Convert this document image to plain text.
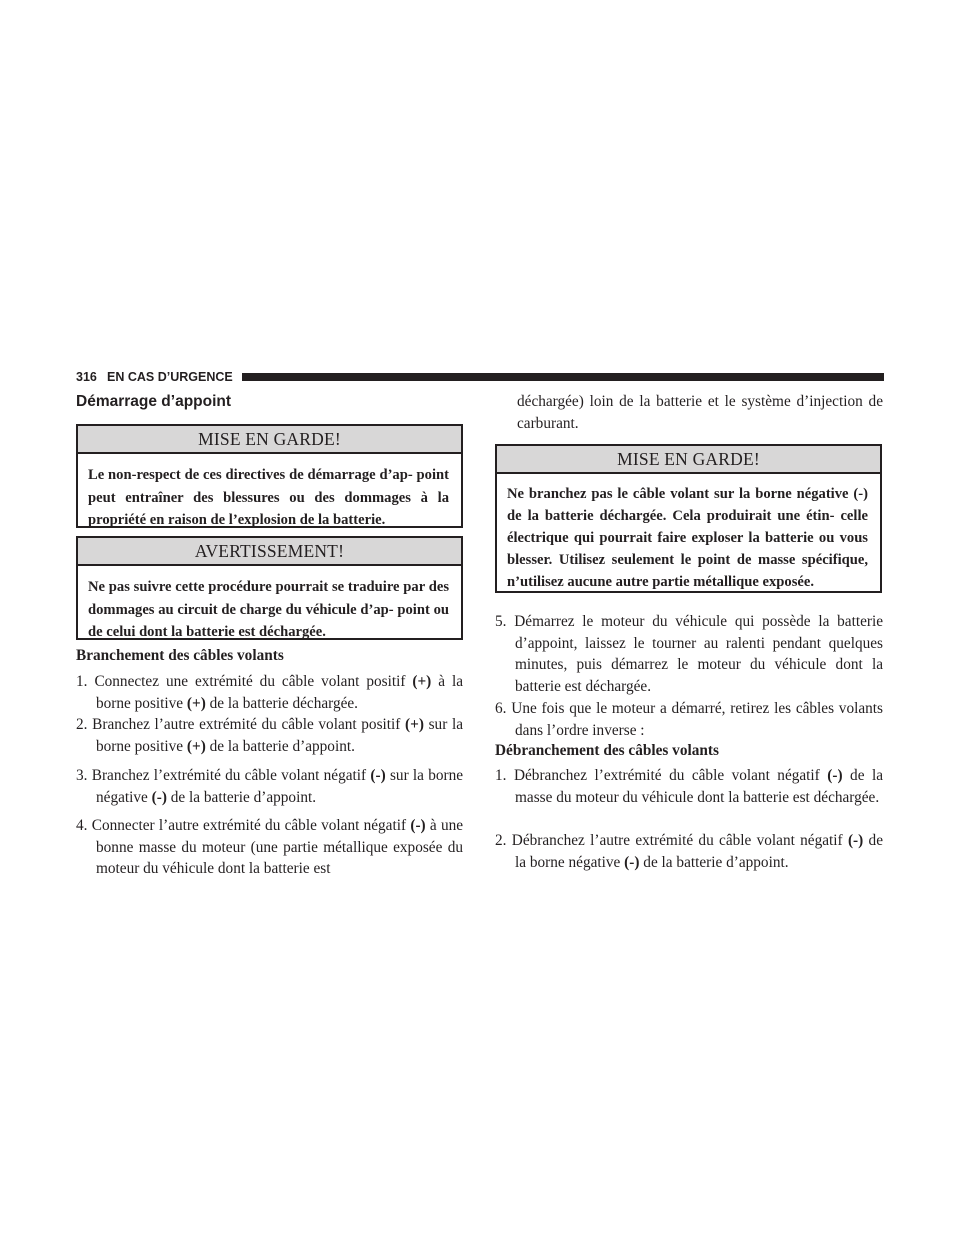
316 EN CAS D’URGENCE
Démarrage d’appoint
MISE EN GARDE!
Le non-respect de ces directives de démarrage d’ap- point peut entraîner des blessures ou des dommages à la propriété en raison de l’explosion de la batterie.
AVERTISSEMENT!
Ne pas suivre cette procédure pourrait se traduire par des dommages au circuit de charge du véhicule d’ap- point ou de celui dont la batterie est déchargée.
Branchement des câbles volants
1. Connectez une extrémité du câble volant positif (+) à la borne positive (+) de la batterie déchargée.
2. Branchez l’autre extrémité du câble volant positif (+) sur la borne positive (+) de la batterie d’appoint.
3. Branchez l’extrémité du câble volant négatif (-) sur la borne négative (-) de la batterie d’appoint.
4. Connecter l’autre extrémité du câble volant négatif (-) à une bonne masse du moteur (une partie métallique exposée du moteur du véhicule dont la batterie est
déchargée) loin de la batterie et le système d’injection de carburant.
MISE EN GARDE!
Ne branchez pas le câble volant sur la borne négative (-) de la batterie déchargée. Cela produirait une étin- celle électrique qui pourrait faire exploser la batterie ou vous blesser. Utilisez seulement le point de masse spécifique, n’utilisez aucune autre partie métallique exposée.
5. Démarrez le moteur du véhicule qui possède la batterie d’appoint, laissez le tourner au ralenti pendant quelques minutes, puis démarrez le moteur du véhicule dont la batterie est déchargée.
6. Une fois que le moteur a démarré, retirez les câbles volants dans l’ordre inverse :
Débranchement des câbles volants
1. Débranchez l’extrémité du câble volant négatif (-) de la masse du moteur du véhicule dont la batterie est déchargée.
2. Débranchez l’autre extrémité du câble volant négatif (-) de la borne négative (-) de la batterie d’appoint.
